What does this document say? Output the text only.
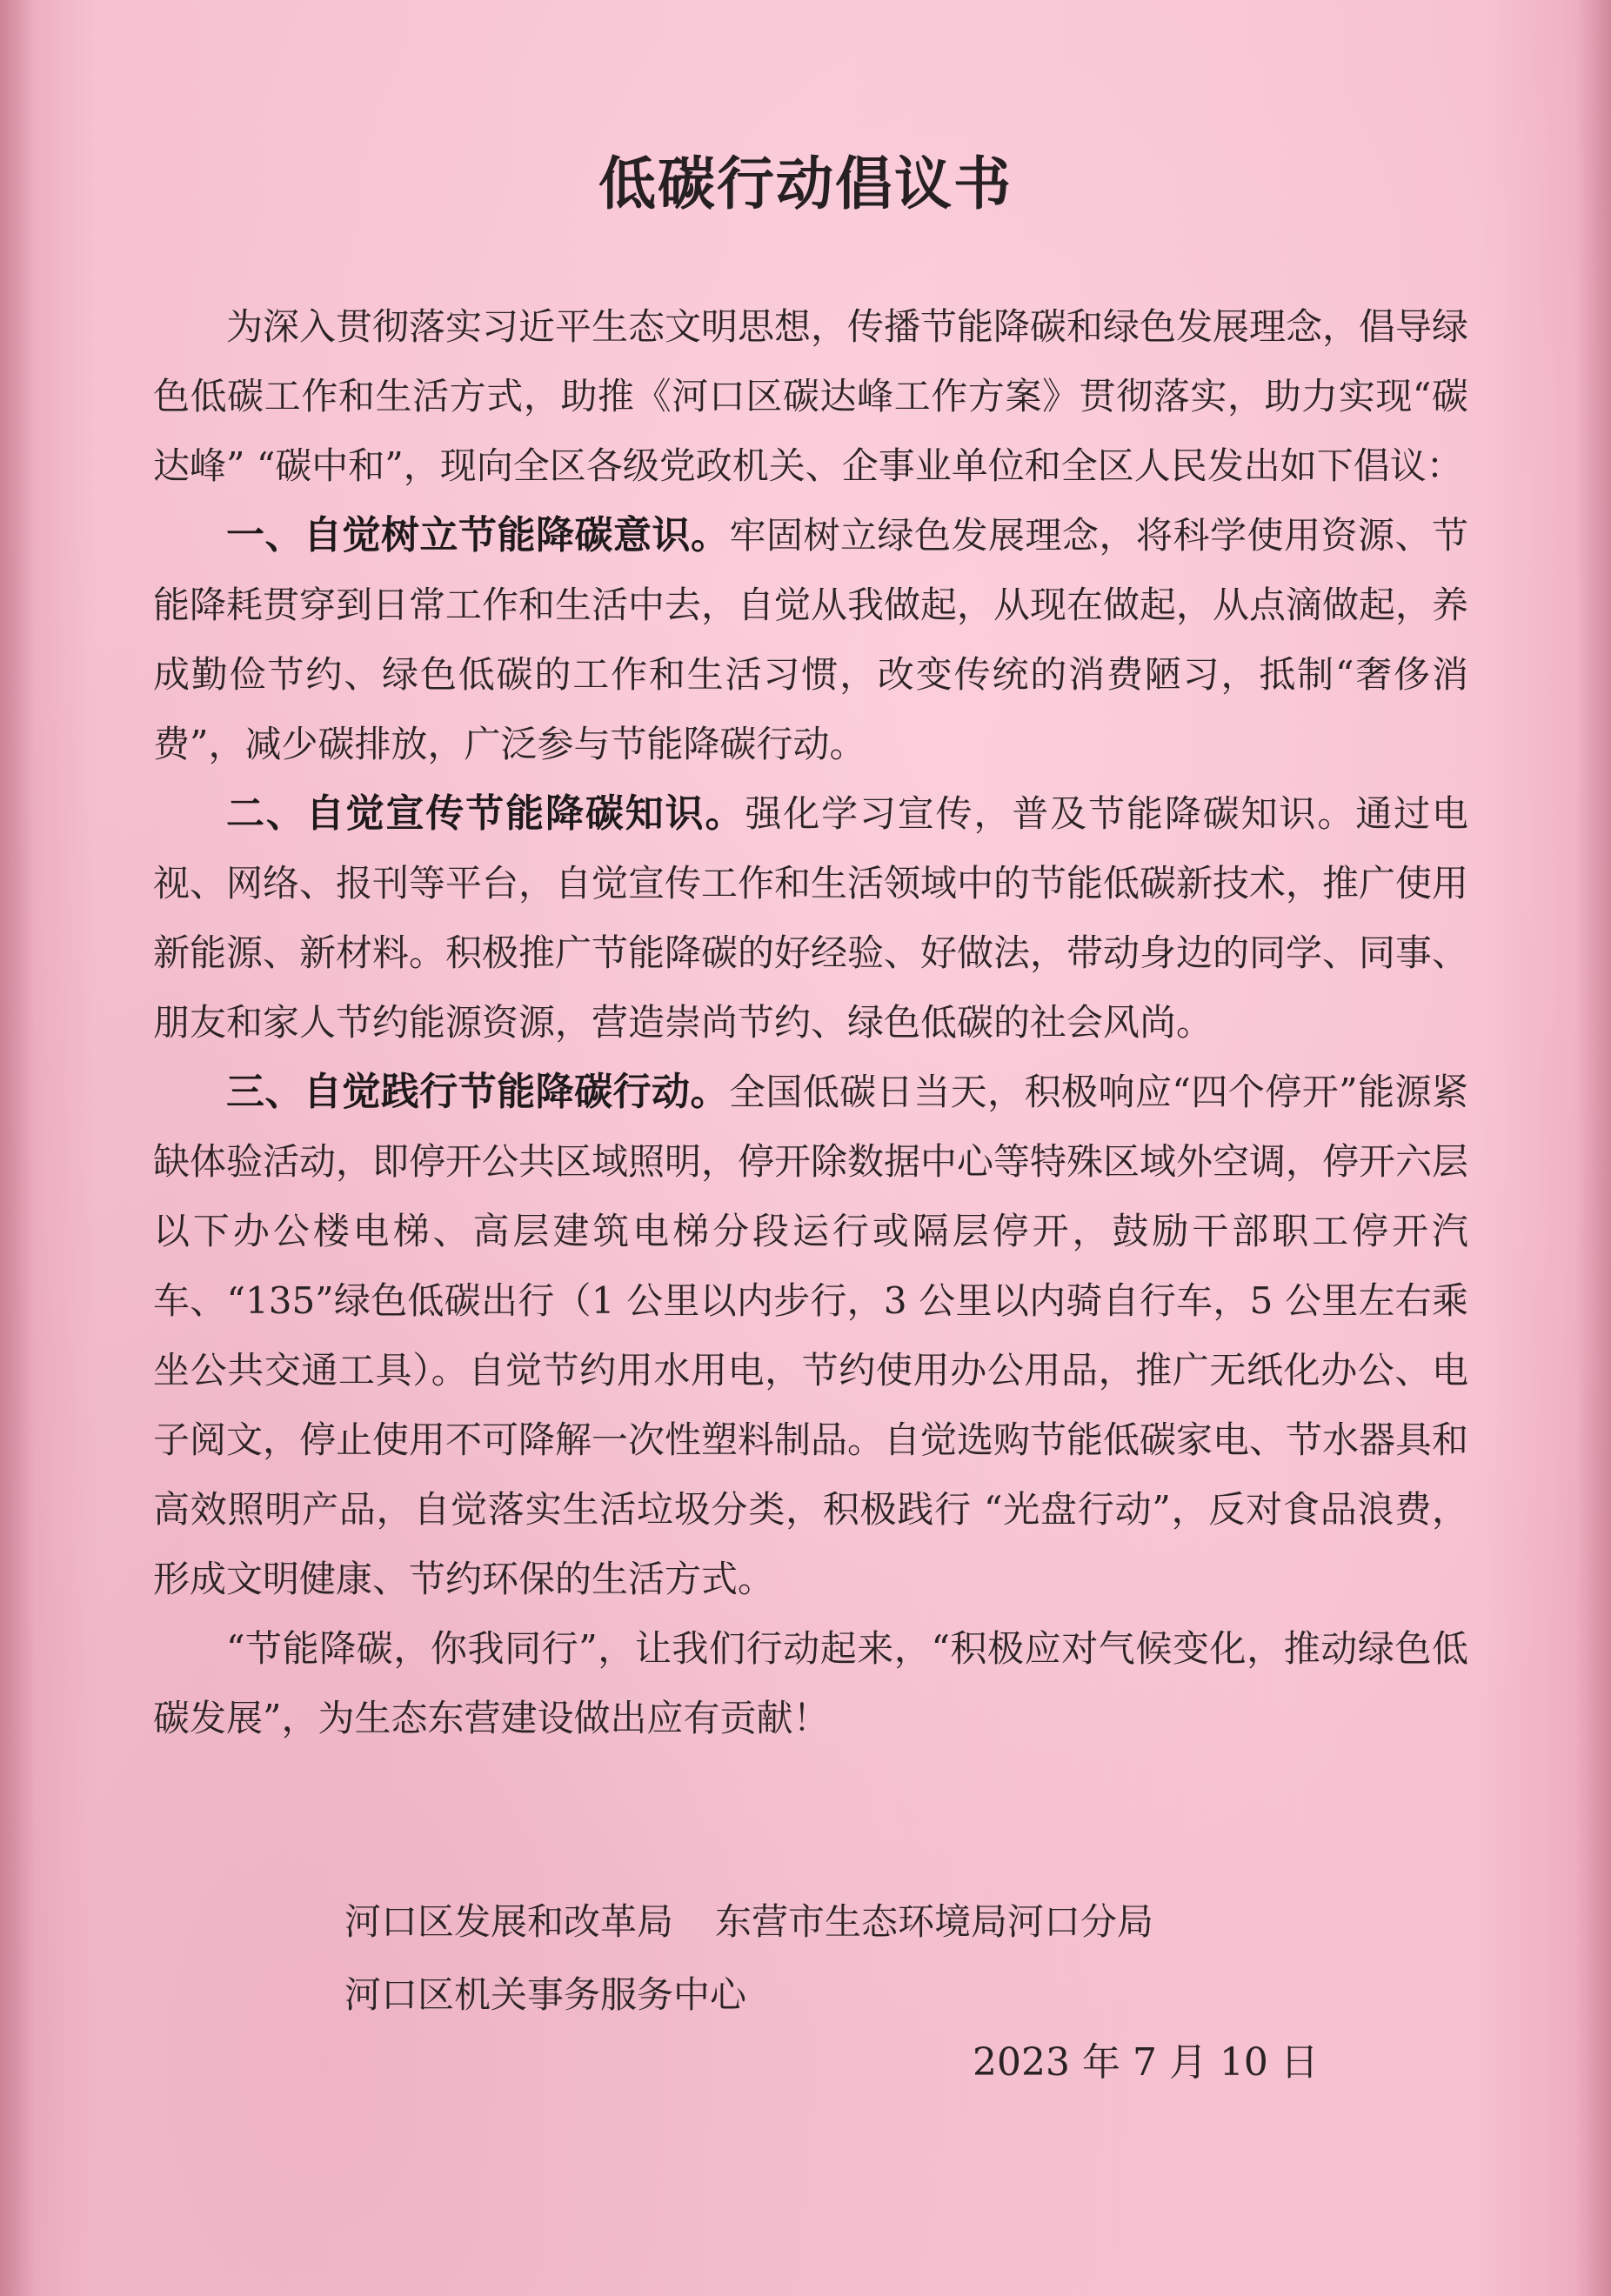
低碳行动倡议书

为深入贯彻落实习近平生态文明思想，传播节能降碳和绿色发展理念，倡导绿色低碳工作和生活方式，助推《河口区碳达峰工作方案》贯彻落实，助力实现“碳达峰” “碳中和”，现向全区各级党政机关、企事业单位和全区人民发出如下倡议：

一、自觉树立节能降碳意识。牢固树立绿色发展理念，将科学使用资源、节能降耗贯穿到日常工作和生活中去，自觉从我做起，从现在做起，从点滴做起，养成勤俭节约、绿色低碳的工作和生活习惯，改变传统的消费陋习，抵制“奢侈消费”，减少碳排放，广泛参与节能降碳行动。

二、自觉宣传节能降碳知识。强化学习宣传，普及节能降碳知识。通过电视、网络、报刊等平台，自觉宣传工作和生活领域中的节能低碳新技术，推广使用新能源、新材料。积极推广节能降碳的好经验、好做法，带动身边的同学、同事、朋友和家人节约能源资源，营造崇尚节约、绿色低碳的社会风尚。

三、自觉践行节能降碳行动。全国低碳日当天，积极响应“四个停开”能源紧缺体验活动，即停开公共区域照明，停开除数据中心等特殊区域外空调，停开六层以下办公楼电梯、高层建筑电梯分段运行或隔层停开，鼓励干部职工停开汽车、“135”绿色低碳出行（1 公里以内步行，3 公里以内骑自行车，5 公里左右乘坐公共交通工具）。自觉节约用水用电，节约使用办公用品，推广无纸化办公、电子阅文，停止使用不可降解一次性塑料制品。自觉选购节能低碳家电、节水器具和高效照明产品，自觉落实生活垃圾分类，积极践行 “光盘行动”，反对食品浪费，形成文明健康、节约环保的生活方式。

“节能降碳，你我同行”，让我们行动起来，“积极应对气候变化，推动绿色低碳发展”，为生态东营建设做出应有贡献！

河口区发展和改革局 东营市生态环境局河口分局
河口区机关事务服务中心
2023 年 7 月 10 日
